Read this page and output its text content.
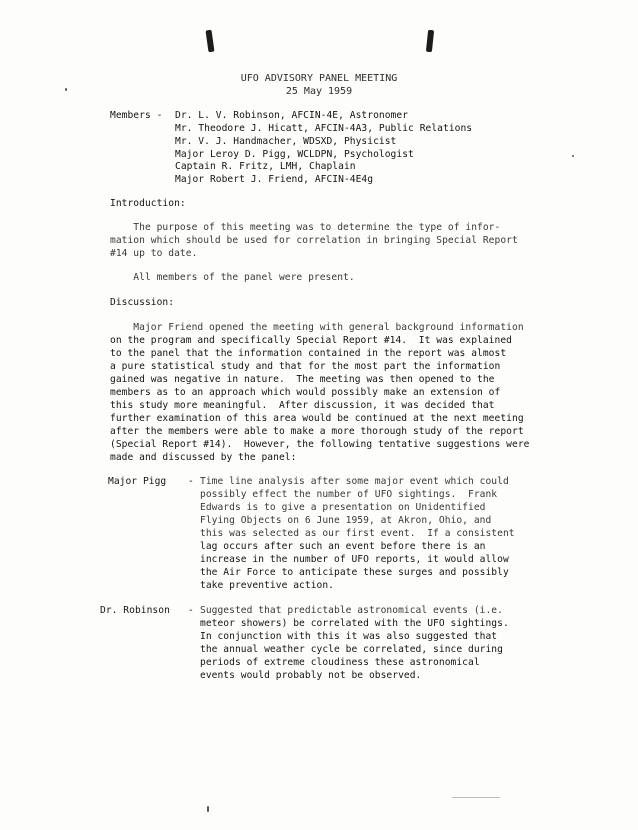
UFO ADVISORY PANEL MEETING
25 May 1959
Members - Dr. L. V. Robinson, AFCIN-4E, Astronomer
Mr. Theodore J. Hicatt, AFCIN-4A3, Public Relations
Mr. V. J. Handmacher, WDSXD, Physicist
Major Leroy D. Pigg, WCLDPN, Psychologist
Captain R. Fritz, LMH, Chaplain
Major Robert J. Friend, AFCIN-4E4g
Introduction:
The purpose of this meeting was to determine the type of infor-
mation which should be used for correlation in bringing Special Report
#14 up to date.
All members of the panel were present.
Discussion:
Major Friend opened the meeting with general background information
on the program and specifically Special Report #14.  It was explained
to the panel that the information contained in the report was almost
a pure statistical study and that for the most part the information
gained was negative in nature.  The meeting was then opened to the
members as to an approach which would possibly make an extension of
this study more meaningful.  After discussion, it was decided that
further examination of this area would be continued at the next meeting
after the members were able to make a more thorough study of the report
(Special Report #14).  However, the following tentative suggestions were
made and discussed by the panel:
Major Pigg - Time line analysis after some major event which could
possibly effect the number of UFO sightings.  Frank
Edwards is to give a presentation on Unidentified
Flying Objects on 6 June 1959, at Akron, Ohio, and
this was selected as our first event.  If a consistent
lag occurs after such an event before there is an
increase in the number of UFO reports, it would allow
the Air Force to anticipate these surges and possibly
take preventive action.
Dr. Robinson - Suggested that predictable astronomical events (i.e.
meteor showers) be correlated with the UFO sightings.
In conjunction with this it was also suggested that
the annual weather cycle be correlated, since during
periods of extreme cloudiness these astronomical
events would probably not be observed.
